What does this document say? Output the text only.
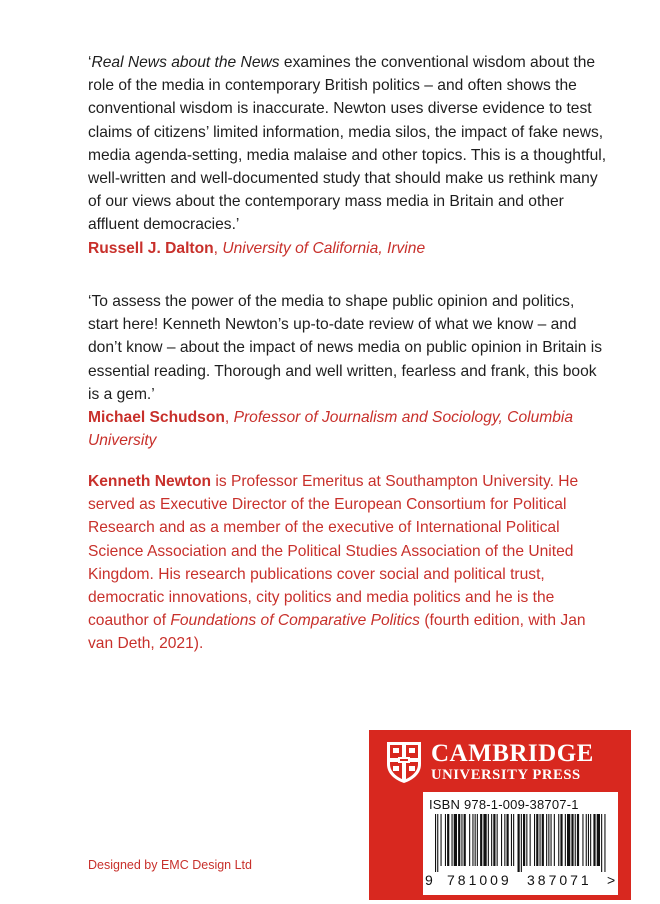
‘Real News about the News examines the conventional wisdom about the role of the media in contemporary British politics – and often shows the conventional wisdom is inaccurate. Newton uses diverse evidence to test claims of citizens’ limited information, media silos, the impact of fake news, media agenda-setting, media malaise and other topics. This is a thoughtful, well-written and well-documented study that should make us rethink many of our views about the contemporary mass media in Britain and other affluent democracies.’

Russell J. Dalton, University of California, Irvine

‘To assess the power of the media to shape public opinion and politics, start here! Kenneth Newton’s up-to-date review of what we know – and don’t know – about the impact of news media on public opinion in Britain is essential reading. Thorough and well written, fearless and frank, this book is a gem.’

Michael Schudson, Professor of Journalism and Sociology, Columbia University

Kenneth Newton is Professor Emeritus at Southampton University. He served as Executive Director of the European Consortium for Political Research and as a member of the executive of International Political Science Association and the Political Studies Association of the United Kingdom. His research publications cover social and political trust, democratic innovations, city politics and media politics and he is the coauthor of Foundations of Comparative Politics (fourth edition, with Jan van Deth, 2021).
Designed by EMC Design Ltd
CAMBRIDGE
UNIVERSITY PRESS
ISBN 978-1-009-38707-1
9 781009 387071 >
